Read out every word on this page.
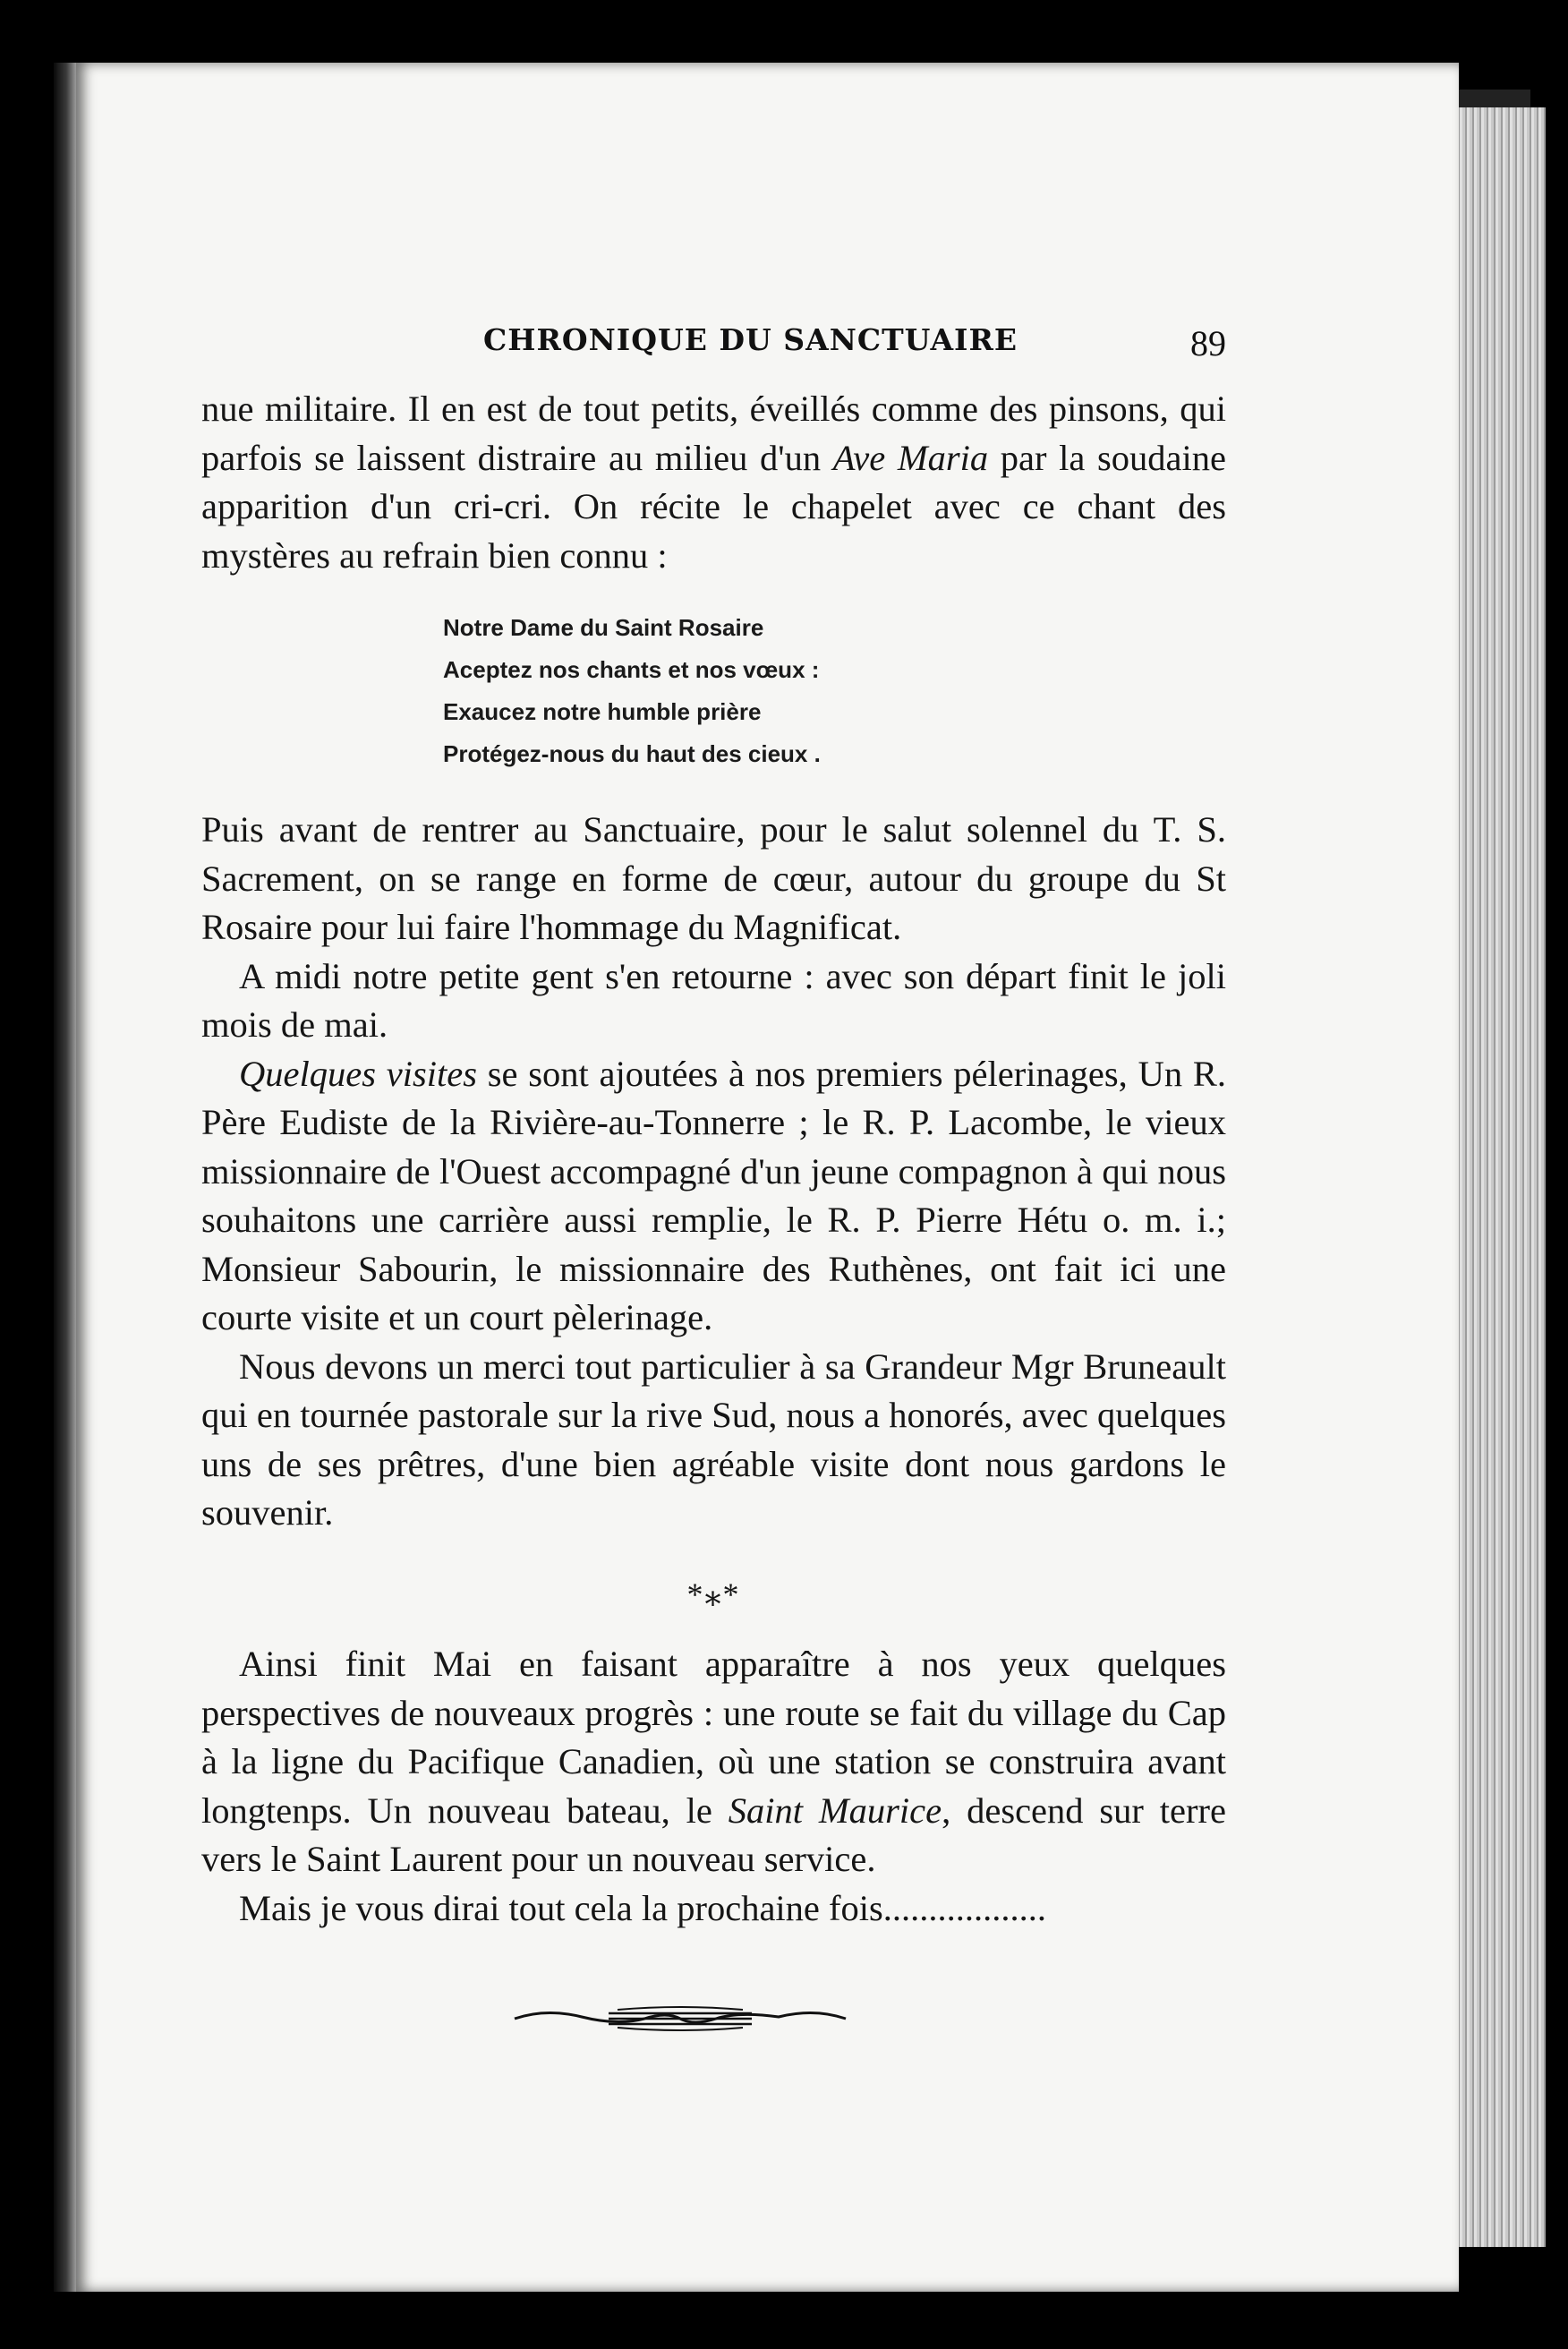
CHRONIQUE DU SANCTUAIRE	89

nue militaire. Il en est de tout petits, éveillés comme des pinsons, qui parfois se laissent distraire au milieu d'un Ave Maria par la soudaine apparition d'un cri-cri. On récite le chapelet avec ce chant des mystères au refrain bien connu :

Notre Dame du Saint Rosaire
Aceptez nos chants et nos vœux :
Exaucez notre humble prière
Protégez-nous du haut des cieux .

Puis avant de rentrer au Sanctuaire, pour le salut solennel du T. S. Sacrement, on se range en forme de cœur, autour du groupe du St Rosaire pour lui faire l'hommage du Magnificat.

A midi notre petite gent s'en retourne : avec son départ finit le joli mois de mai.

Quelques visites se sont ajoutées à nos premiers pélerinages, Un R. Père Eudiste de la Rivière-au-Tonnerre ; le R. P. Lacombe, le vieux missionnaire de l'Ouest accompagné d'un jeune compagnon à qui nous souhaitons une carrière aussi remplie, le R. P. Pierre Hétu o. m. i.; Monsieur Sabourin, le missionnaire des Ruthènes, ont fait ici une courte visite et un court pèlerinage.

Nous devons un merci tout particulier à sa Grandeur Mgr Bruneault qui en tournée pastorale sur la rive Sud, nous a honorés, avec quelques uns de ses prêtres, d'une bien agréable visite dont nous gardons le souvenir.

*⁎*

Ainsi finit Mai en faisant apparaître à nos yeux quelques perspectives de nouveaux progrès : une route se fait du village du Cap à la ligne du Pacifique Canadien, où une station se construira avant longtenps. Un nouveau bateau, le Saint Maurice, descend sur terre vers le Saint Laurent pour un nouveau service.

Mais je vous dirai tout cela la prochaine fois..................
